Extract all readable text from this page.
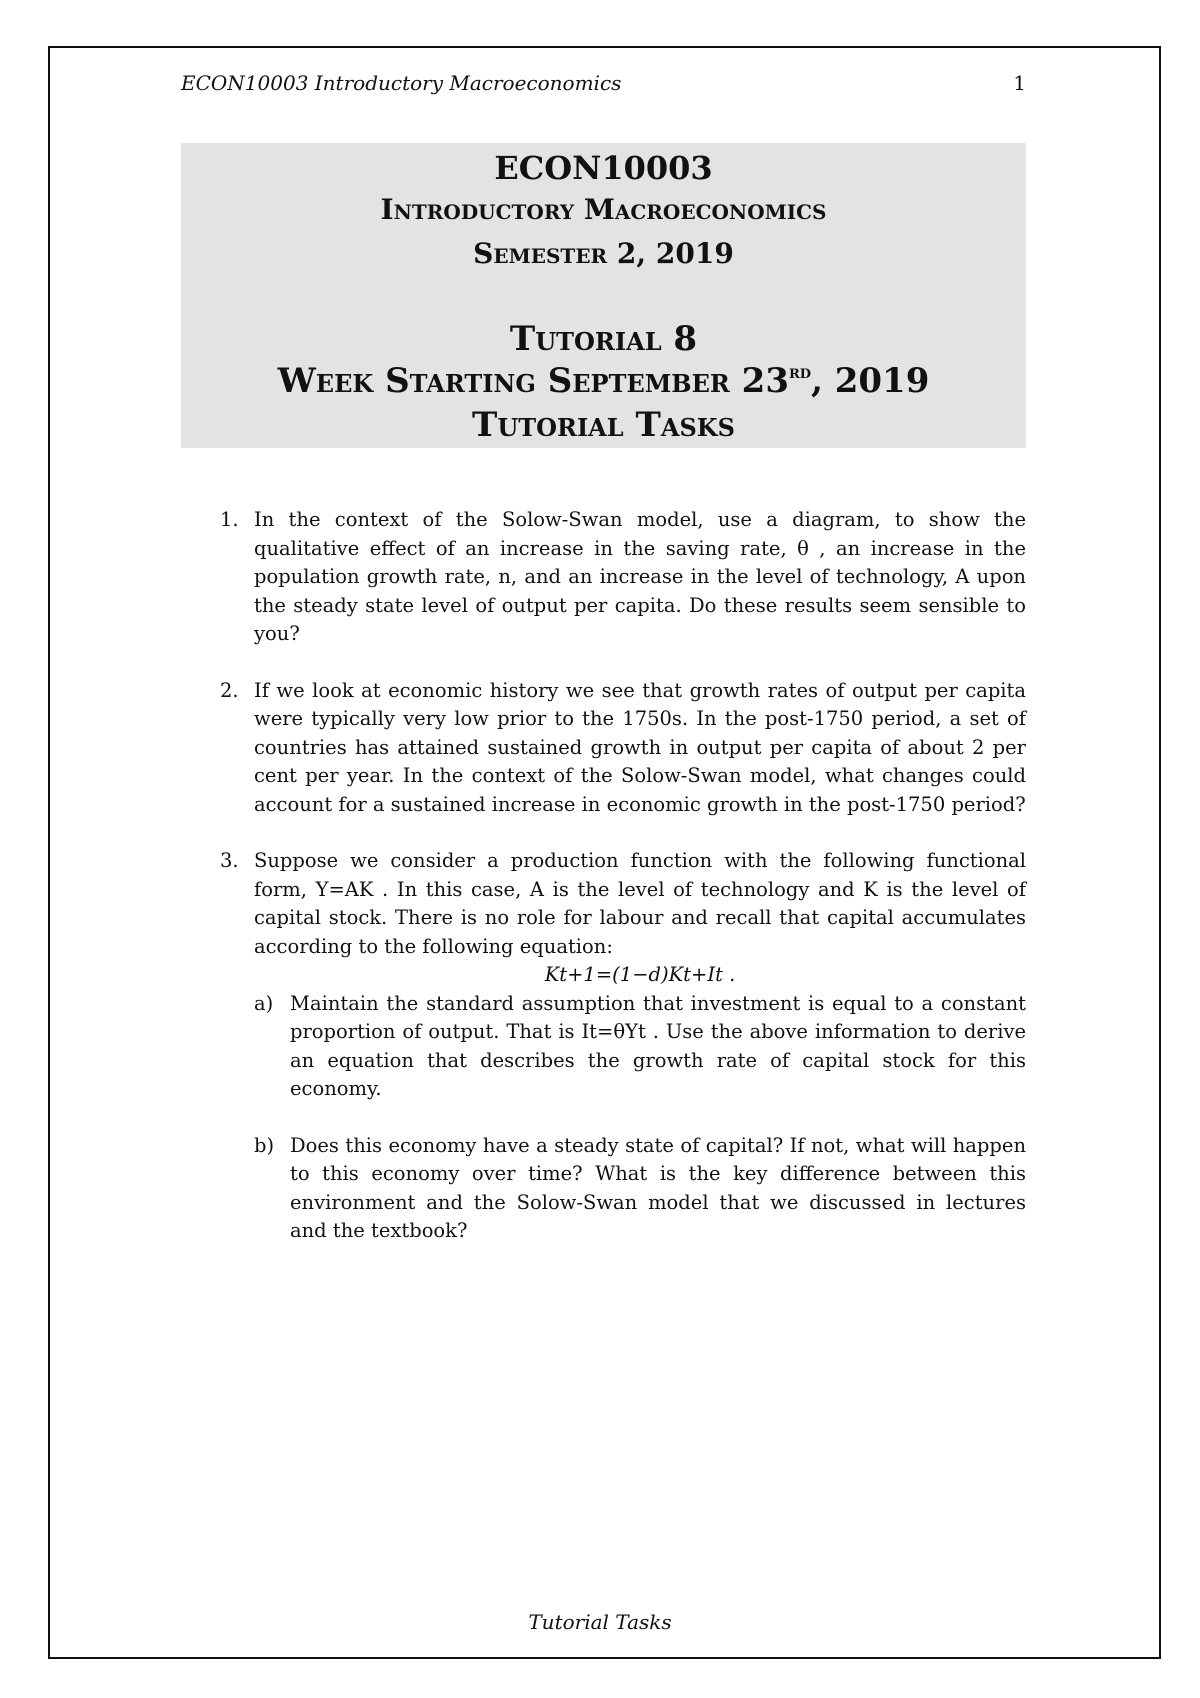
ECON10003 Introductory Macroeconomics	1
ECON10003
Introductory Macroeconomics
Semester 2, 2019
Tutorial 8
Week Starting September 23rd, 2019
Tutorial Tasks
1. In the context of the Solow-Swan model, use a diagram, to show the qualitative effect of an increase in the saving rate, θ , an increase in the population growth rate, n, and an increase in the level of technology, A upon the steady state level of output per capita. Do these results seem sensible to you?
2. If we look at economic history we see that growth rates of output per capita were typically very low prior to the 1750s. In the post-1750 period, a set of countries has attained sustained growth in output per capita of about 2 per cent per year. In the context of the Solow-Swan model, what changes could account for a sustained increase in economic growth in the post-1750 period?
3. Suppose we consider a production function with the following functional form, Y=AK . In this case, A is the level of technology and K is the level of capital stock. There is no role for labour and recall that capital accumulates according to the following equation:
Kt+1=(1−d)Kt+It .
a) Maintain the standard assumption that investment is equal to a constant proportion of output. That is It=θYt . Use the above information to derive an equation that describes the growth rate of capital stock for this economy.
b) Does this economy have a steady state of capital? If not, what will happen to this economy over time? What is the key difference between this environment and the Solow-Swan model that we discussed in lectures and the textbook?
Tutorial Tasks
